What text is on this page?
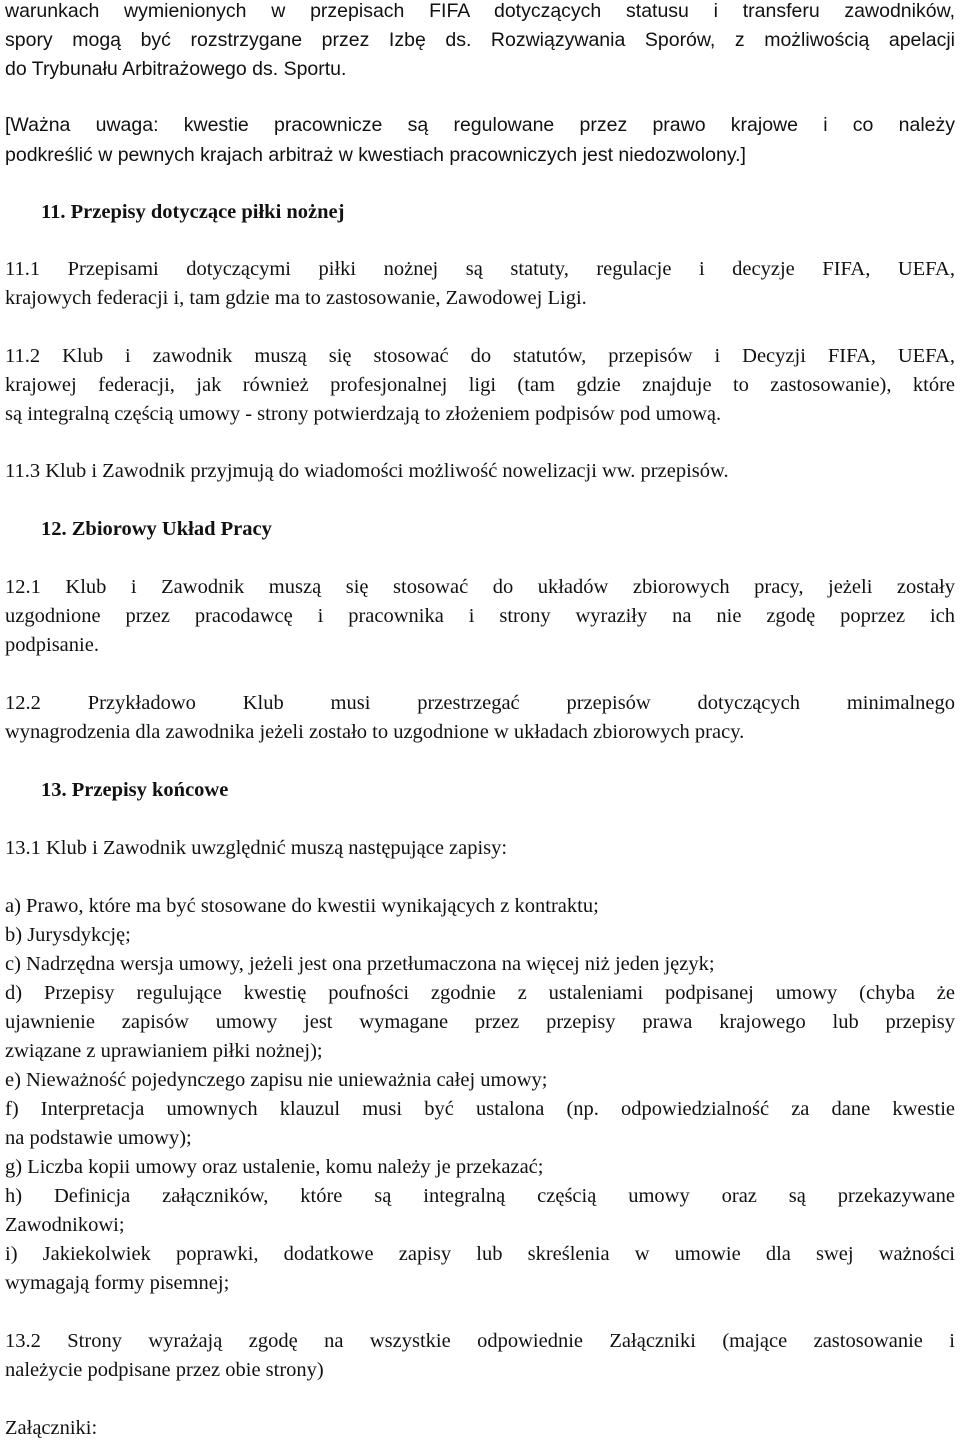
warunkach wymienionych w przepisach FIFA dotyczących statusu i transferu zawodników,

spory mogą być rozstrzygane przez Izbę ds. Rozwiązywania Sporów, z możliwością apelacji

do Trybunału Arbitrażowego ds. Sportu.

[Ważna uwaga: kwestie pracownicze są regulowane przez prawo krajowe i co należy

podkreślić w pewnych krajach arbitraż w kwestiach pracowniczych jest niedozwolony.]

11. Przepisy dotyczące piłki nożnej

11.1 Przepisami dotyczącymi piłki nożnej są statuty, regulacje i decyzje FIFA, UEFA,

krajowych federacji i, tam gdzie ma to zastosowanie, Zawodowej Ligi.

11.2 Klub i zawodnik muszą się stosować do statutów, przepisów i Decyzji FIFA, UEFA,

krajowej federacji, jak również profesjonalnej ligi (tam gdzie znajduje to zastosowanie), które

są integralną częścią umowy - strony potwierdzają to złożeniem podpisów pod umową.

11.3 Klub i Zawodnik przyjmują do wiadomości możliwość nowelizacji ww. przepisów.

12. Zbiorowy Układ Pracy

12.1 Klub i Zawodnik muszą się stosować do układów zbiorowych pracy, jeżeli zostały

uzgodnione przez pracodawcę i pracownika i strony wyraziły na nie zgodę poprzez ich

podpisanie.

12.2 Przykładowo Klub musi przestrzegać przepisów dotyczących minimalnego

wynagrodzenia dla zawodnika jeżeli zostało to uzgodnione w układach zbiorowych pracy.

13. Przepisy końcowe

13.1 Klub i Zawodnik uwzględnić muszą następujące zapisy:

a) Prawo, które ma być stosowane do kwestii wynikających z kontraktu;

b) Jurysdykcję;

c) Nadrzędna wersja umowy, jeżeli jest ona przetłumaczona na więcej niż jeden język;

d) Przepisy regulujące kwestię poufności zgodnie z ustaleniami podpisanej umowy (chyba że

ujawnienie zapisów umowy jest wymagane przez przepisy prawa krajowego lub przepisy

związane z uprawianiem piłki nożnej);

e) Nieważność pojedynczego zapisu nie unieważnia całej umowy;

f) Interpretacja umownych klauzul musi być ustalona (np. odpowiedzialność za dane kwestie

na podstawie umowy);

g) Liczba kopii umowy oraz ustalenie, komu należy je przekazać;

h) Definicja załączników, które są integralną częścią umowy oraz są przekazywane

Zawodnikowi;

i) Jakiekolwiek poprawki, dodatkowe zapisy lub skreślenia w umowie dla swej ważności

wymagają formy pisemnej;

13.2 Strony wyrażają zgodę na wszystkie odpowiednie Załączniki (mające zastosowanie i

należycie podpisane przez obie strony)

Załączniki:
